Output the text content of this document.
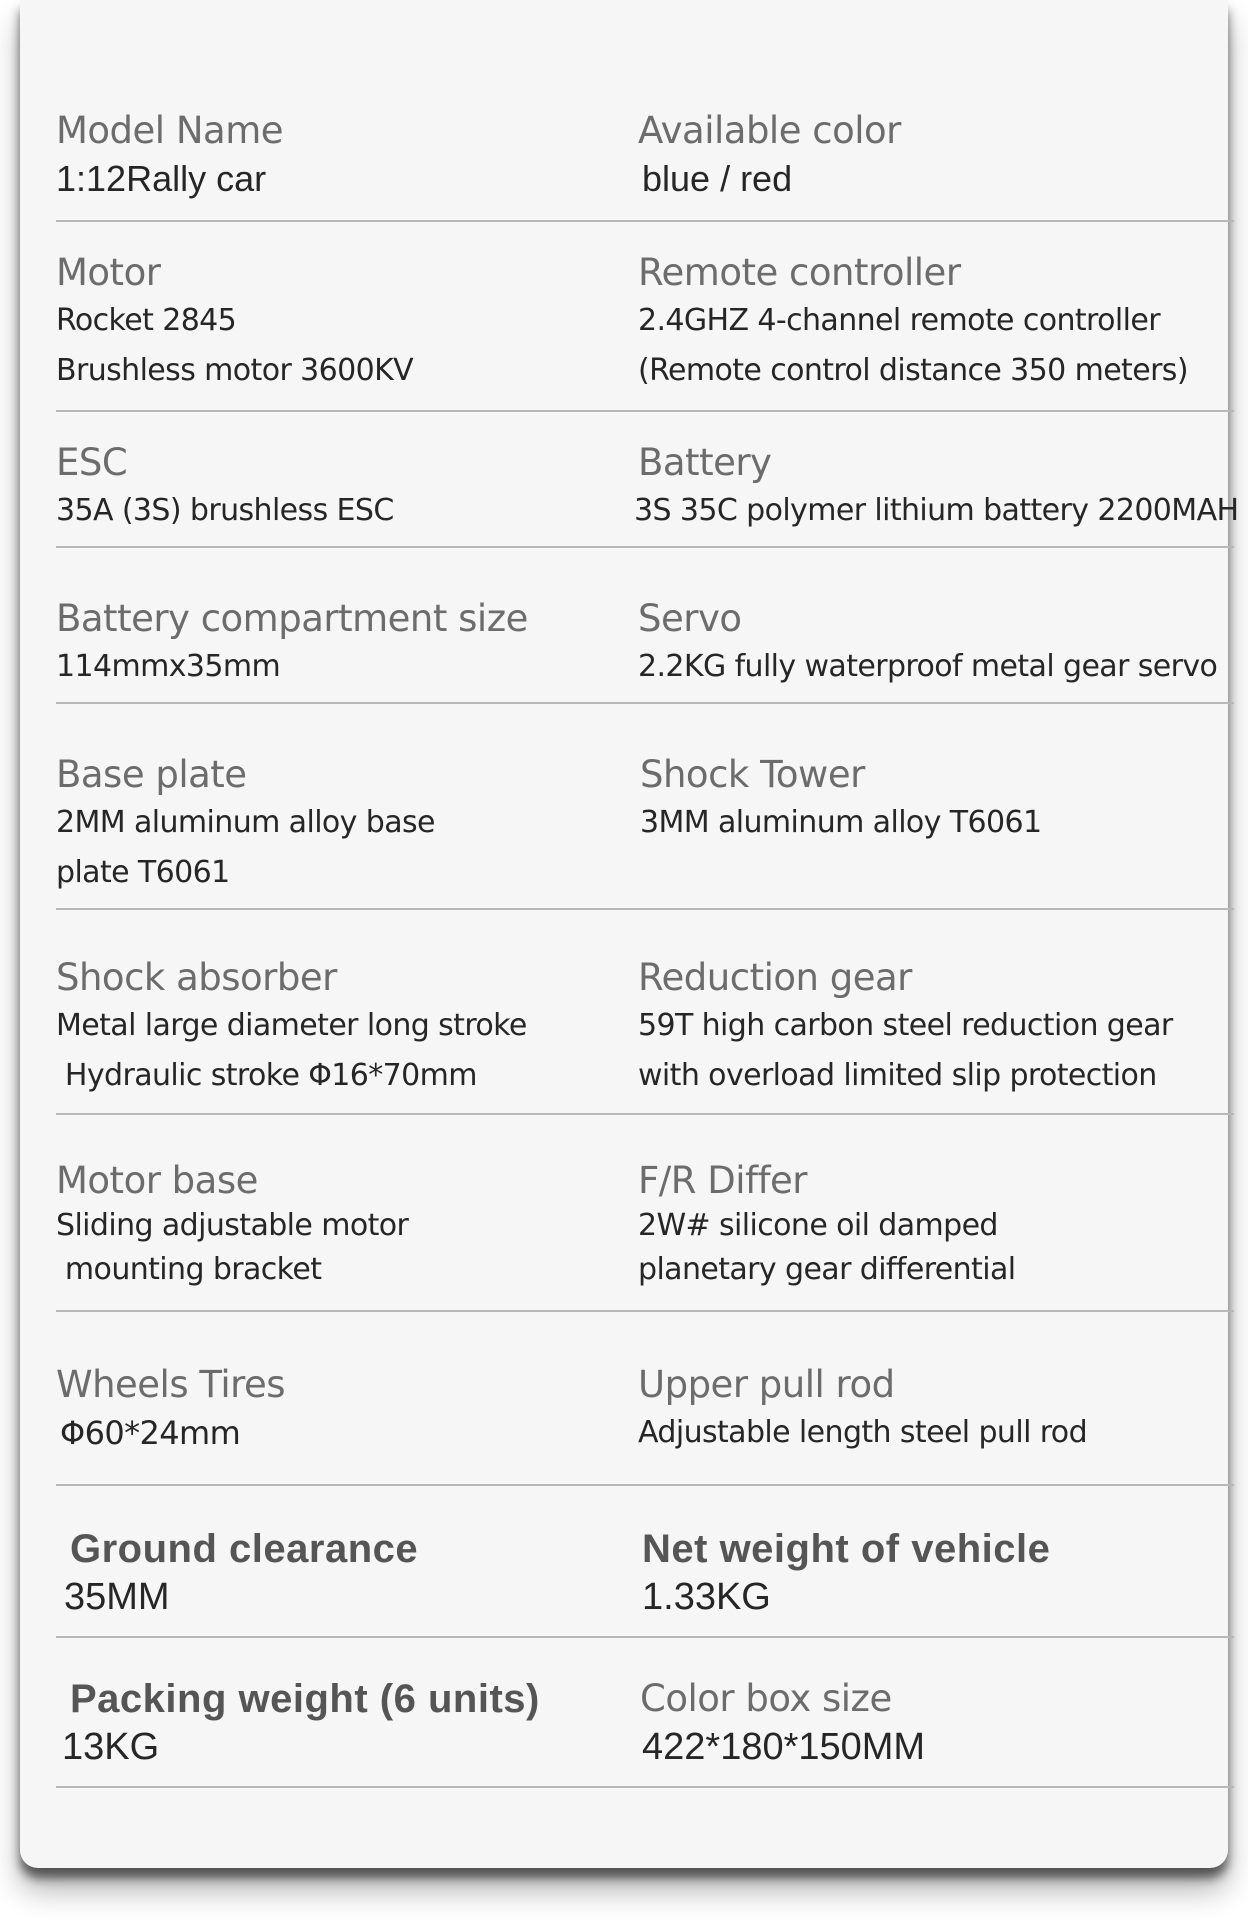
Model Name
1:12Rally car
Available color
blue / red
Motor
Rocket 2845
Brushless motor 3600KV
Remote controller
2.4GHZ 4-channel remote controller
(Remote control distance 350 meters)
ESC
35A (3S) brushless ESC
Battery
3S 35C polymer lithium battery 2200MAH
Battery compartment size
114mmx35mm
Servo
2.2KG fully waterproof metal gear servo
Base plate
2MM aluminum alloy base
plate T6061
Shock Tower
3MM aluminum alloy T6061
Shock absorber
Metal large diameter long stroke
Hydraulic stroke Φ16*70mm
Reduction gear
59T high carbon steel reduction gear
with overload limited slip protection
Motor base
Sliding adjustable motor
mounting bracket
F/R Differ
2W# silicone oil damped
planetary gear differential
Wheels Tires
Φ60*24mm
Upper pull rod
Adjustable length steel pull rod
Ground clearance
35MM
Net weight of vehicle
1.33KG
Packing weight (6 units)
13KG
Color box size
422*180*150MM
